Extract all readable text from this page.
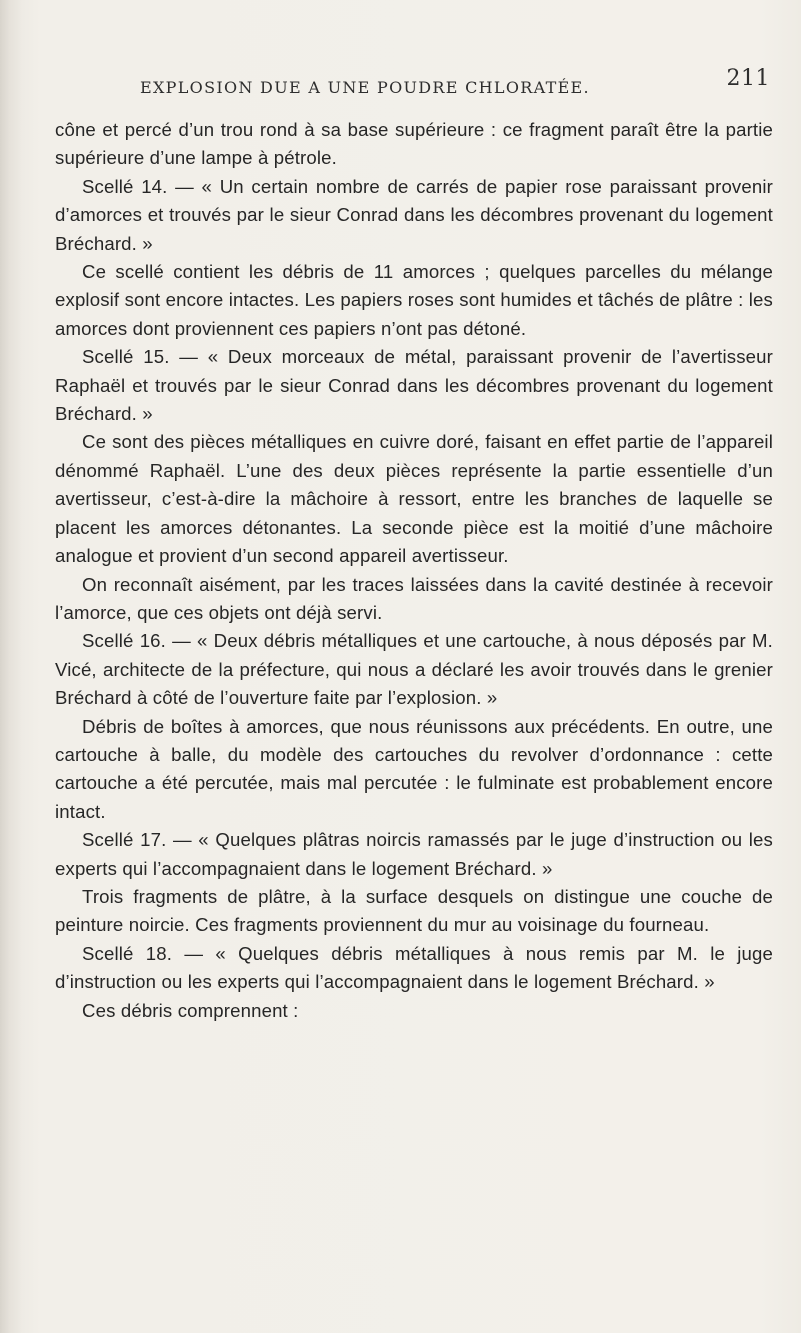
EXPLOSION DUE A UNE POUDRE CHLORATÉE.	211

cône et percé d’un trou rond à sa base supérieure : ce fragment paraît être la partie supérieure d’une lampe à pétrole.

Scellé 14. — « Un certain nombre de carrés de papier rose paraissant provenir d’amorces et trouvés par le sieur Conrad dans les décombres provenant du logement Bréchard. »

Ce scellé contient les débris de 11 amorces ; quelques parcelles du mélange explosif sont encore intactes. Les papiers roses sont humides et tâchés de plâtre : les amorces dont proviennent ces papiers n’ont pas détoné.

Scellé 15. — « Deux morceaux de métal, paraissant provenir de l’avertisseur Raphaël et trouvés par le sieur Conrad dans les décombres provenant du logement Bréchard. »

Ce sont des pièces métalliques en cuivre doré, faisant en effet partie de l’appareil dénommé Raphaël. L’une des deux pièces représente la partie essentielle d’un avertisseur, c’est-à-dire la mâchoire à ressort, entre les branches de laquelle se placent les amorces détonantes. La seconde pièce est la moitié d’une mâchoire analogue et provient d’un second appareil avertisseur.

On reconnaît aisément, par les traces laissées dans la cavité destinée à recevoir l’amorce, que ces objets ont déjà servi.

Scellé 16. — « Deux débris métalliques et une cartouche, à nous déposés par M. Vicé, architecte de la préfecture, qui nous a déclaré les avoir trouvés dans le grenier Bréchard à côté de l’ouverture faite par l’explosion. »

Débris de boîtes à amorces, que nous réunissons aux précédents. En outre, une cartouche à balle, du modèle des cartouches du revolver d’ordonnance : cette cartouche a été percutée, mais mal percutée : le fulminate est probablement encore intact.

Scellé 17. — « Quelques plâtras noircis ramassés par le juge d’instruction ou les experts qui l’accompagnaient dans le logement Bréchard. »

Trois fragments de plâtre, à la surface desquels on distingue une couche de peinture noircie. Ces fragments proviennent du mur au voisinage du fourneau.

Scellé 18. — « Quelques débris métalliques à nous remis par M. le juge d’instruction ou les experts qui l’accompagnaient dans le logement Bréchard. »

Ces débris comprennent :
